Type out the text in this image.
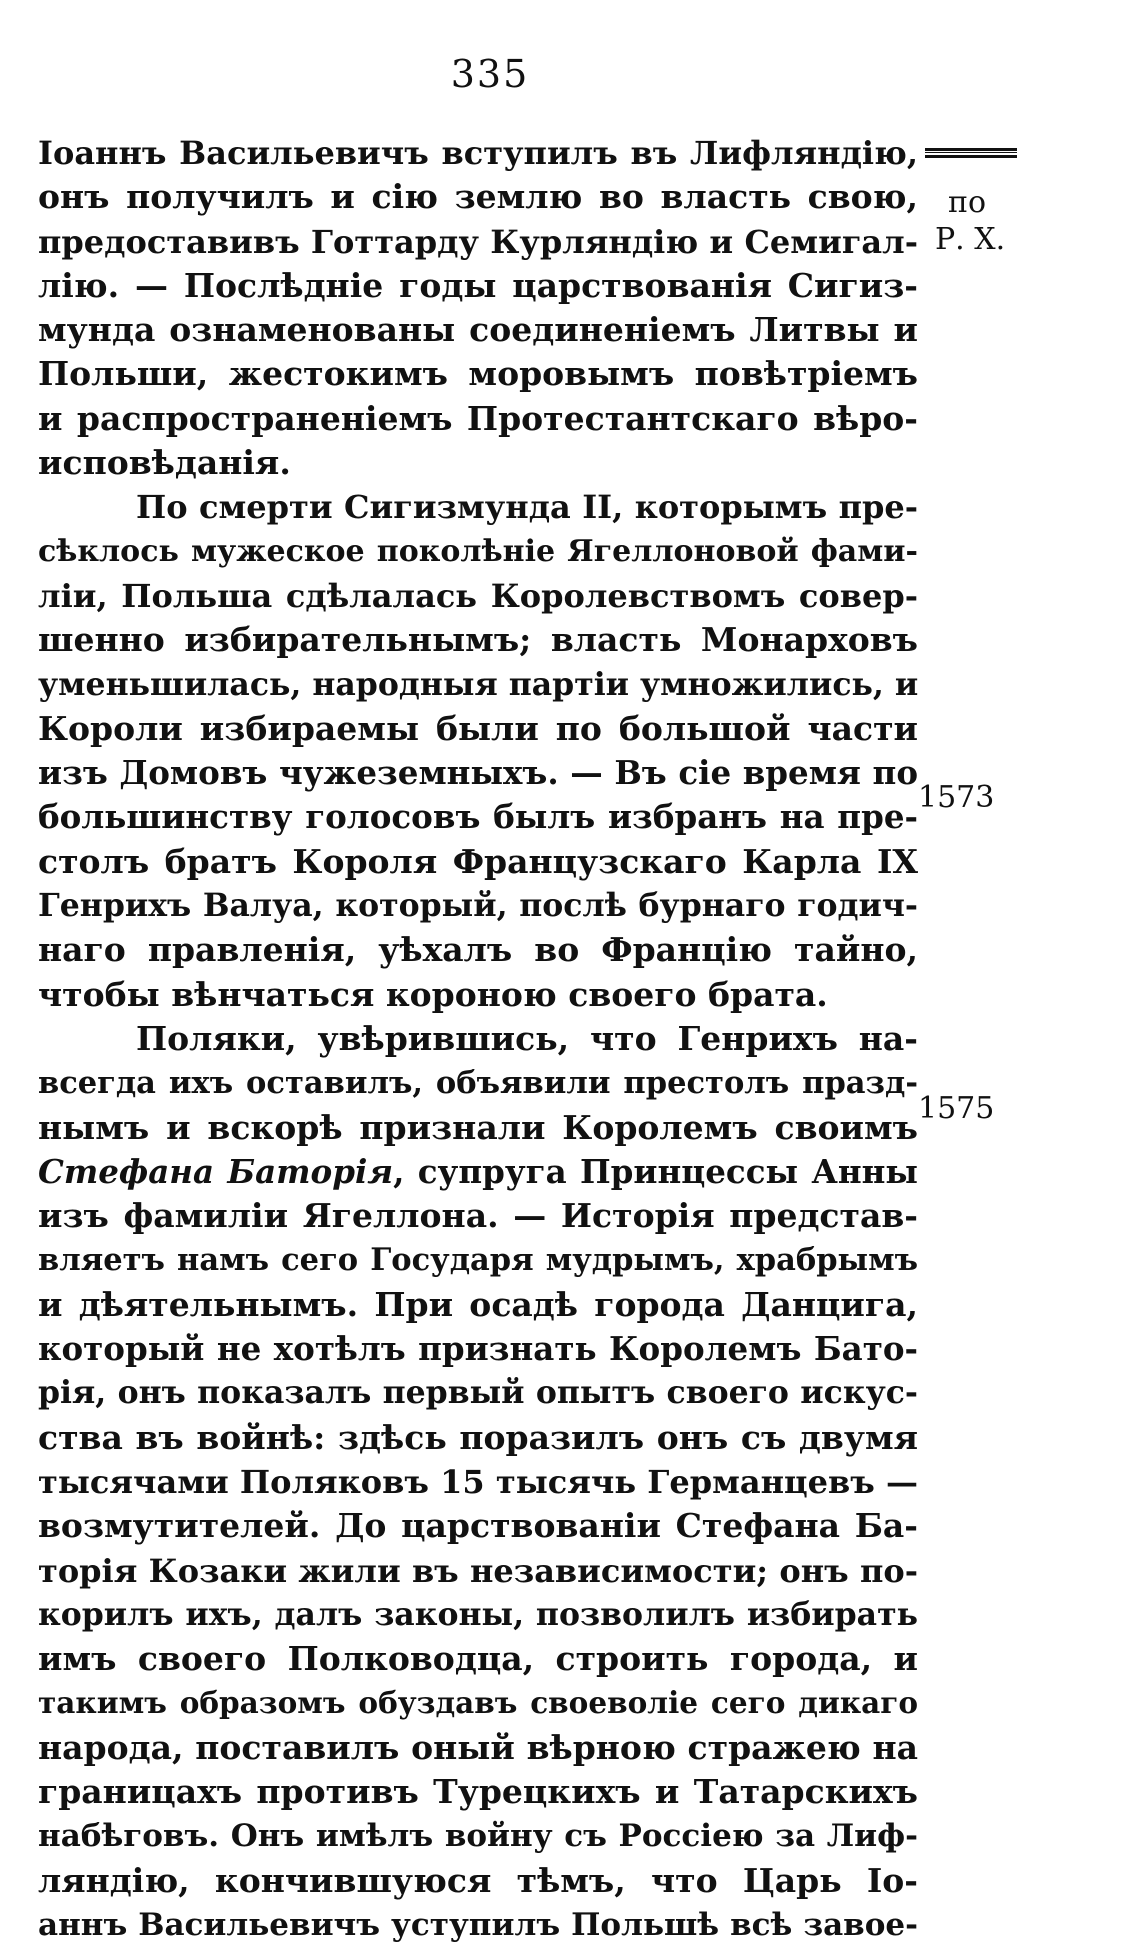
335
по
Р. Х.
1573
1575
Іоаннъ Васильевичъ вступилъ въ Лифляндію,
онъ получилъ и сію землю во власть свою,
предоставивъ Готтарду Курляндію и Семигал-
лію. — Послѣдніе годы царствованія Сигиз-
мунда ознаменованы соединеніемъ Литвы и
Польши, жестокимъ моровымъ повѣтріемъ
и распространеніемъ Протестантскаго вѣро-
исповѣданія.
По смерти Сигизмунда II, которымъ пре-
сѣклось мужеское поколѣніе Ягеллоновой фами-
ліи, Польша сдѣлалась Королевствомъ совер-
шенно избирательнымъ; власть Монарховъ
уменьшилась, народныя партіи умножились, и
Короли избираемы были по большой части
изъ Домовъ чужеземныхъ. — Въ сіе время по
большинству голосовъ былъ избранъ на пре-
столъ братъ Короля Французскаго Карла IX
Генрихъ Валуа, который, послѣ бурнаго годич-
наго правленія, уѣхалъ во Францію тайно,
чтобы вѣнчаться короною своего брата.
Поляки, увѣрившись, что Генрихъ на-
всегда ихъ оставилъ, объявили престолъ празд-
нымъ и вскорѣ признали Королемъ своимъ
Стефана Баторія, супруга Принцессы Анны
изъ фамиліи Ягеллона. — Исторія представ-
вляетъ намъ сего Государя мудрымъ, храбрымъ
и дѣятельнымъ. При осадѣ города Данцига,
который не хотѣлъ признать Королемъ Бато-
рія, онъ показалъ первый опытъ своего искус-
ства въ войнѣ: здѣсь поразилъ онъ съ двумя
тысячами Поляковъ 15 тысячь Германцевъ —
возмутителей. До царствованіи Стефана Ба-
торія Козаки жили въ независимости; онъ по-
корилъ ихъ, далъ законы, позволилъ избирать
имъ своего Полководца, строить города, и
такимъ образомъ обуздавъ своеволіе сего дикаго
народа, поставилъ оный вѣрною стражею на
границахъ противъ Турецкихъ и Татарскихъ
набѣговъ. Онъ имѣлъ войну съ Россіею за Лиф-
ляндію, кончившуюся тѣмъ, что Царь Іо-
аннъ Васильевичъ уступилъ Польшѣ всѣ завоe-
